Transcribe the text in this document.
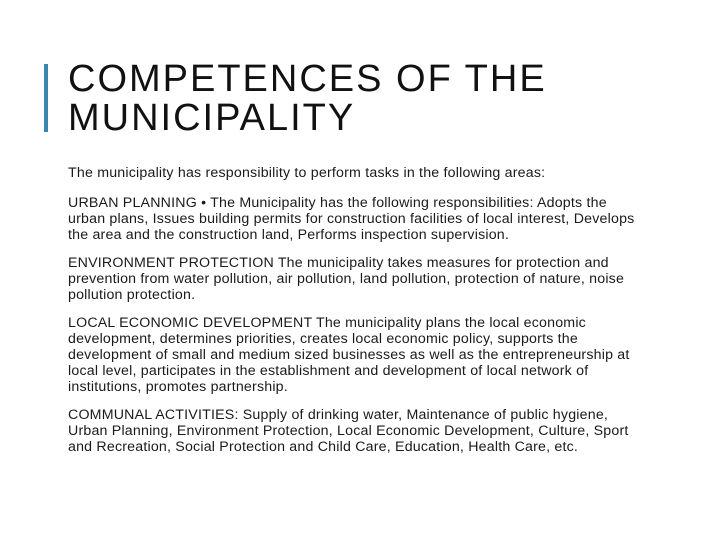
COMPETENCES OF THE
MUNICIPALITY

The municipality has responsibility to perform tasks in the following areas:

URBAN PLANNING • The Municipality has the following responsibilities: Adopts the urban plans, Issues building permits for construction facilities of local interest, Develops the area and the construction land, Performs inspection supervision.

ENVIRONMENT PROTECTION The municipality takes measures for protection and prevention from water pollution, air pollution, land pollution, protection of nature, noise pollution protection.

LOCAL ECONOMIC DEVELOPMENT The municipality plans the local economic development, determines priorities, creates local economic policy, supports the development of small and medium sized businesses as well as the entrepreneurship at local level, participates in the establishment and development of local network of institutions, promotes partnership.

COMMUNAL ACTIVITIES: Supply of drinking water, Maintenance of public hygiene, Urban Planning, Environment Protection, Local Economic Development, Culture, Sport and Recreation, Social Protection and Child Care, Education, Health Care, etc.
